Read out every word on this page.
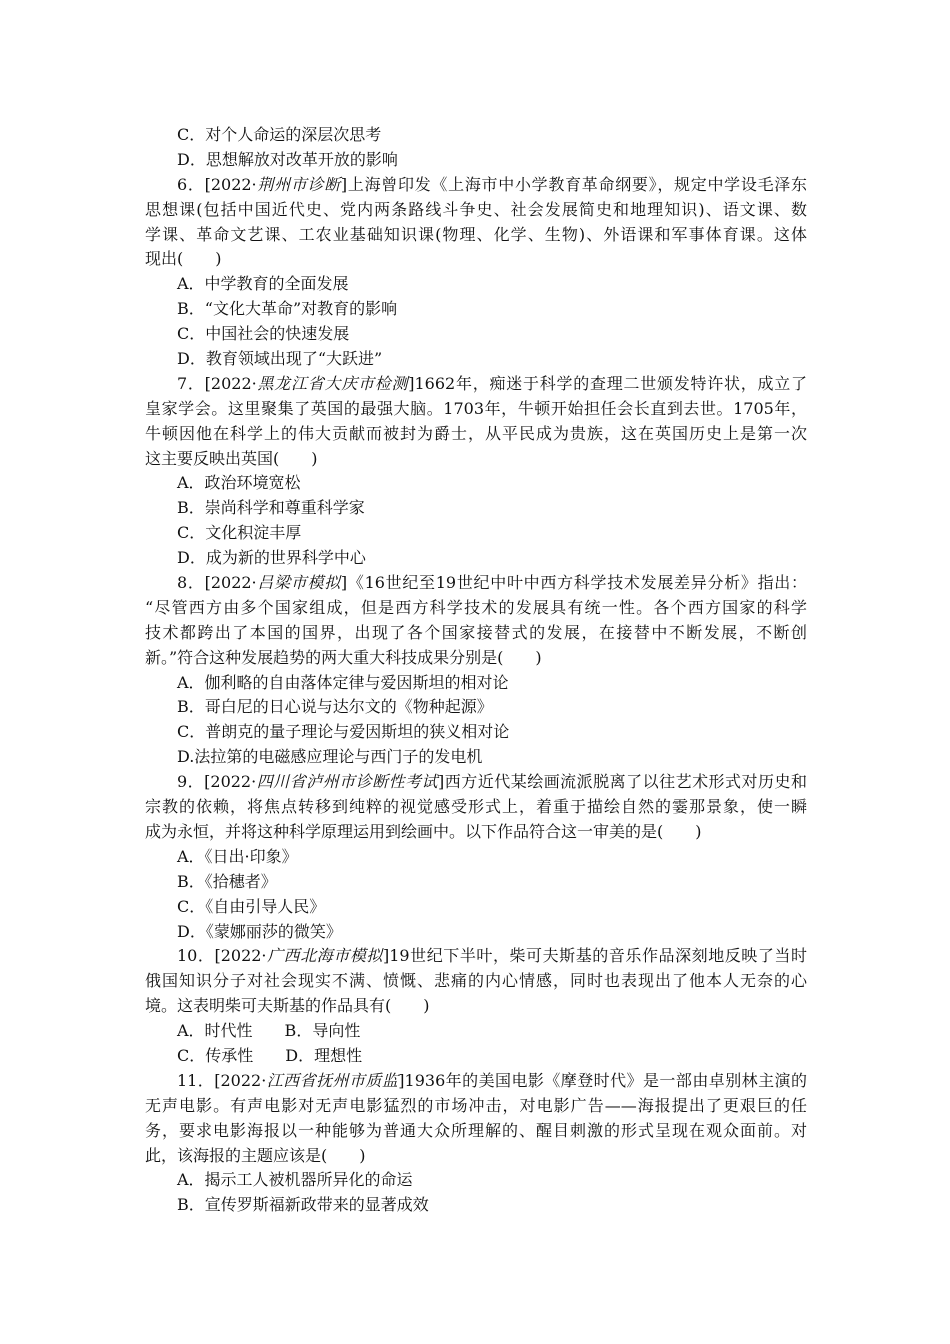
C．对个人命运的深层次思考
D．思想解放对改革开放的影响
6．[2022·荆州市诊断]上海曾印发《上海市中小学教育革命纲要》，规定中学设毛泽东
思想课(包括中国近代史、党内两条路线斗争史、社会发展简史和地理知识)、语文课、数
学课、革命文艺课、工农业基础知识课(物理、化学、生物)、外语课和军事体育课。这体
现出(　　)
A．中学教育的全面发展
B．“文化大革命”对教育的影响
C．中国社会的快速发展
D．教育领域出现了“大跃进”
7．[2022·黑龙江省大庆市检测]1662年，痴迷于科学的查理二世颁发特许状，成立了
皇家学会。这里聚集了英国的最强大脑。1703年，牛顿开始担任会长直到去世。1705年，
牛顿因他在科学上的伟大贡献而被封为爵士，从平民成为贵族，这在英国历史上是第一次
这主要反映出英国(　　)
A．政治环境宽松
B．崇尚科学和尊重科学家
C．文化积淀丰厚
D．成为新的世界科学中心
8．[2022·吕梁市模拟]《16世纪至19世纪中叶中西方科学技术发展差异分析》指出：
“尽管西方由多个国家组成，但是西方科学技术的发展具有统一性。各个西方国家的科学
技术都跨出了本国的国界，出现了各个国家接替式的发展，在接替中不断发展，不断创
新。”符合这种发展趋势的两大重大科技成果分别是(　　)
A．伽利略的自由落体定律与爱因斯坦的相对论
B．哥白尼的日心说与达尔文的《物种起源》
C．普朗克的量子理论与爱因斯坦的狭义相对论
D.法拉第的电磁感应理论与西门子的发电机
9．[2022·四川省泸州市诊断性考试]西方近代某绘画流派脱离了以往艺术形式对历史和
宗教的依赖，将焦点转移到纯粹的视觉感受形式上，着重于描绘自然的霎那景象，使一瞬
成为永恒，并将这种科学原理运用到绘画中。以下作品符合这一审美的是(　　)
A．《日出·印象》
B．《拾穗者》
C．《自由引导人民》
D．《蒙娜丽莎的微笑》
10．[2022·广西北海市模拟]19世纪下半叶，柴可夫斯基的音乐作品深刻地反映了当时
俄国知识分子对社会现实不满、愤慨、悲痛的内心情感，同时也表现出了他本人无奈的心
境。这表明柴可夫斯基的作品具有(　　)
A．时代性　　B．导向性
C．传承性　　D．理想性
11．[2022·江西省抚州市质监]1936年的美国电影《摩登时代》是一部由卓别林主演的
无声电影。有声电影对无声电影猛烈的市场冲击，对电影广告——海报提出了更艰巨的任
务，要求电影海报以一种能够为普通大众所理解的、醒目刺激的形式呈现在观众面前。对
此，该海报的主题应该是(　　)
A．揭示工人被机器所异化的命运
B．宣传罗斯福新政带来的显著成效
